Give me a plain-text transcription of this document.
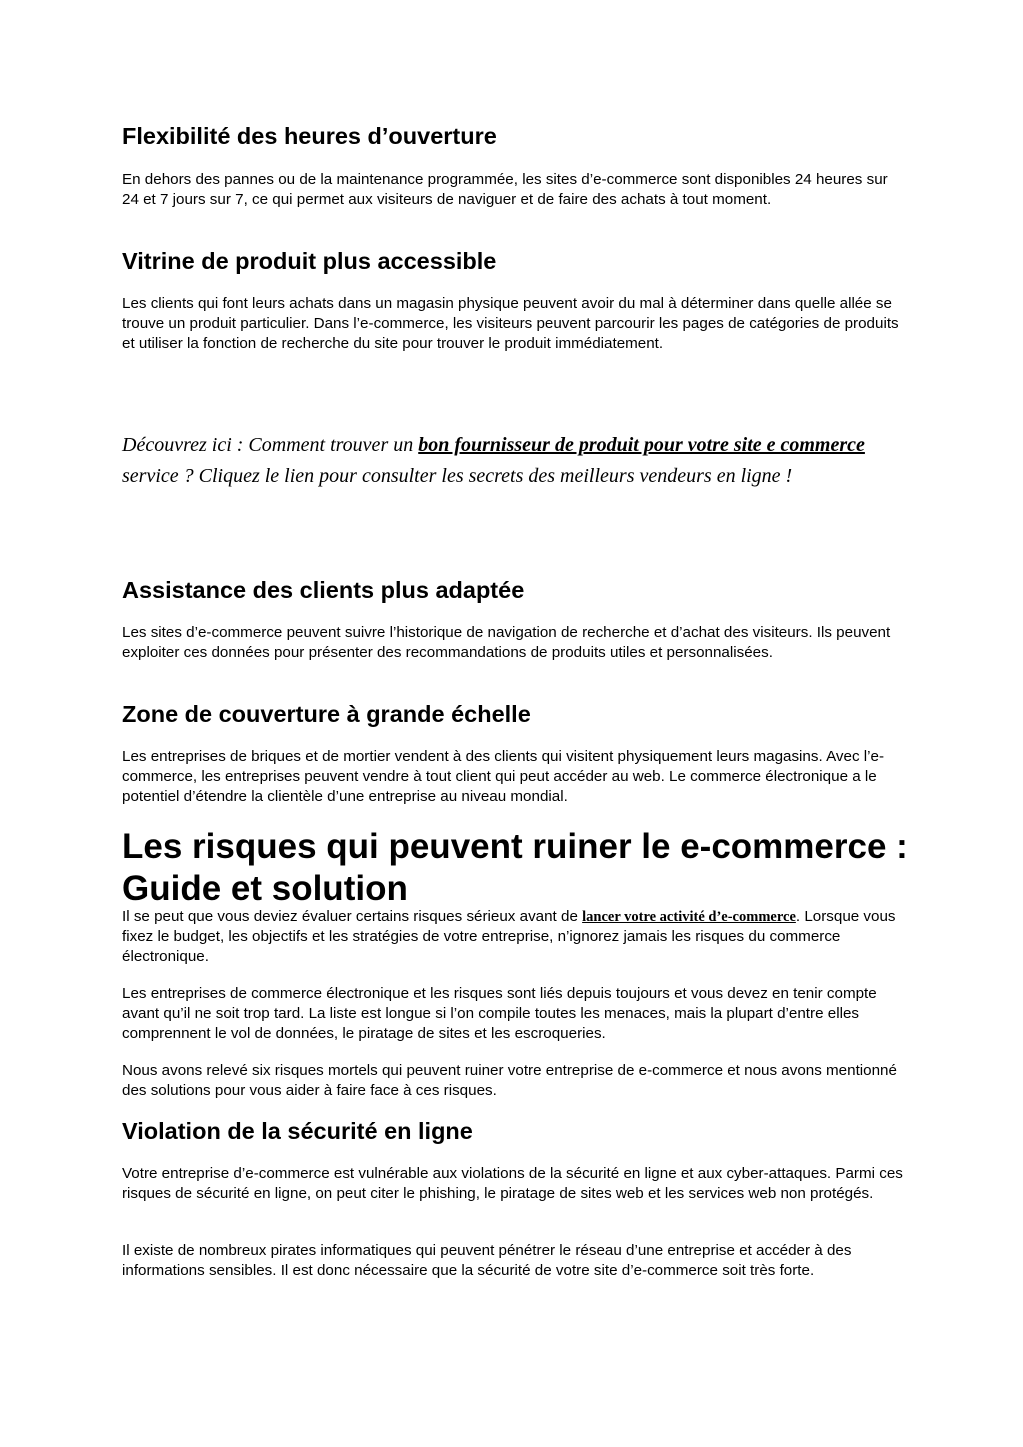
Flexibilité des heures d’ouverture

En dehors des pannes ou de la maintenance programmée, les sites d’e-commerce sont disponibles 24 heures sur 24 et 7 jours sur 7, ce qui permet aux visiteurs de naviguer et de faire des achats à tout moment.

Vitrine de produit plus accessible

Les clients qui font leurs achats dans un magasin physique peuvent avoir du mal à déterminer dans quelle allée se trouve un produit particulier. Dans l’e-commerce, les visiteurs peuvent parcourir les pages de catégories de produits et utiliser la fonction de recherche du site pour trouver le produit immédiatement.

Découvrez ici : Comment trouver un bon fournisseur de produit pour votre site e commerce service ? Cliquez le lien pour consulter les secrets des meilleurs vendeurs en ligne !

Assistance des clients plus adaptée

Les sites d’e-commerce peuvent suivre l’historique de navigation de recherche et d’achat des visiteurs. Ils peuvent exploiter ces données pour présenter des recommandations de produits utiles et personnalisées.

Zone de couverture à grande échelle

Les entreprises de briques et de mortier vendent à des clients qui visitent physiquement leurs magasins. Avec l’e-commerce, les entreprises peuvent vendre à tout client qui peut accéder au web. Le commerce électronique a le potentiel d’étendre la clientèle d’une entreprise au niveau mondial.

Les risques qui peuvent ruiner le e-commerce : Guide et solution

Il se peut que vous deviez évaluer certains risques sérieux avant de lancer votre activité d’e-commerce. Lorsque vous fixez le budget, les objectifs et les stratégies de votre entreprise, n’ignorez jamais les risques du commerce électronique.

Les entreprises de commerce électronique et les risques sont liés depuis toujours et vous devez en tenir compte avant qu’il ne soit trop tard. La liste est longue si l’on compile toutes les menaces, mais la plupart d’entre elles comprennent le vol de données, le piratage de sites et les escroqueries.

Nous avons relevé six risques mortels qui peuvent ruiner votre entreprise de e-commerce et nous avons mentionné des solutions pour vous aider à faire face à ces risques.

Violation de la sécurité en ligne

Votre entreprise d’e-commerce est vulnérable aux violations de la sécurité en ligne et aux cyber-attaques. Parmi ces risques de sécurité en ligne, on peut citer le phishing, le piratage de sites web et les services web non protégés.

Il existe de nombreux pirates informatiques qui peuvent pénétrer le réseau d’une entreprise et accéder à des informations sensibles. Il est donc nécessaire que la sécurité de votre site d’e-commerce soit très forte.
